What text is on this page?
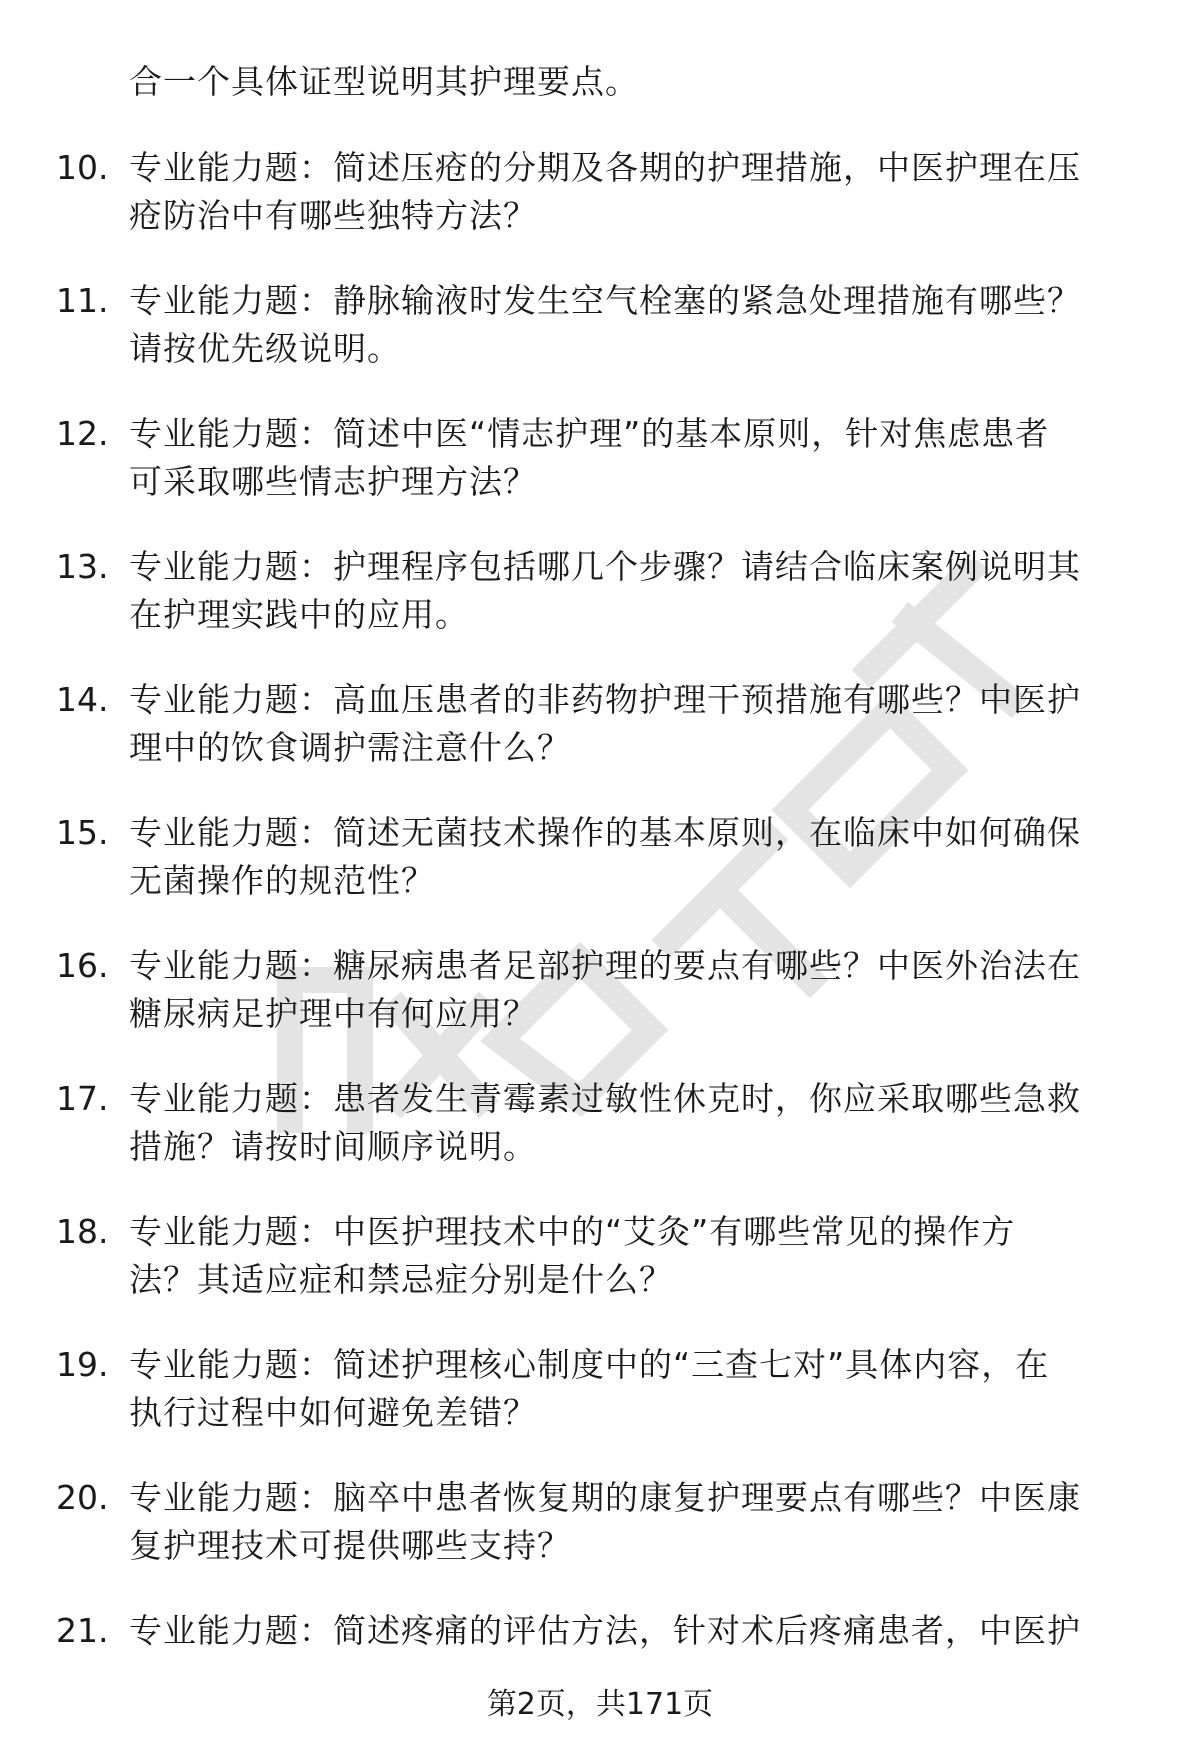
合一个具体证型说明其护理要点。
10. 专业能力题：简述压疮的分期及各期的护理措施，中医护理在压
疮防治中有哪些独特方法？
11. 专业能力题：静脉输液时发生空气栓塞的紧急处理措施有哪些？
请按优先级说明。
12. 专业能力题：简述中医“情志护理”的基本原则，针对焦虑患者
可采取哪些情志护理方法？
13. 专业能力题：护理程序包括哪几个步骤？请结合临床案例说明其
在护理实践中的应用。
14. 专业能力题：高血压患者的非药物护理干预措施有哪些？中医护
理中的饮食调护需注意什么？
15. 专业能力题：简述无菌技术操作的基本原则，在临床中如何确保
无菌操作的规范性？
16. 专业能力题：糖尿病患者足部护理的要点有哪些？中医外治法在
糖尿病足护理中有何应用？
17. 专业能力题：患者发生青霉素过敏性休克时，你应采取哪些急救
措施？请按时间顺序说明。
18. 专业能力题：中医护理技术中的“艾灸”有哪些常见的操作方
法？其适应症和禁忌症分别是什么？
19. 专业能力题：简述护理核心制度中的“三查七对”具体内容，在
执行过程中如何避免差错？
20. 专业能力题：脑卒中患者恢复期的康复护理要点有哪些？中医康
复护理技术可提供哪些支持？
21. 专业能力题：简述疼痛的评估方法，针对术后疼痛患者，中医护
第2页，共171页
